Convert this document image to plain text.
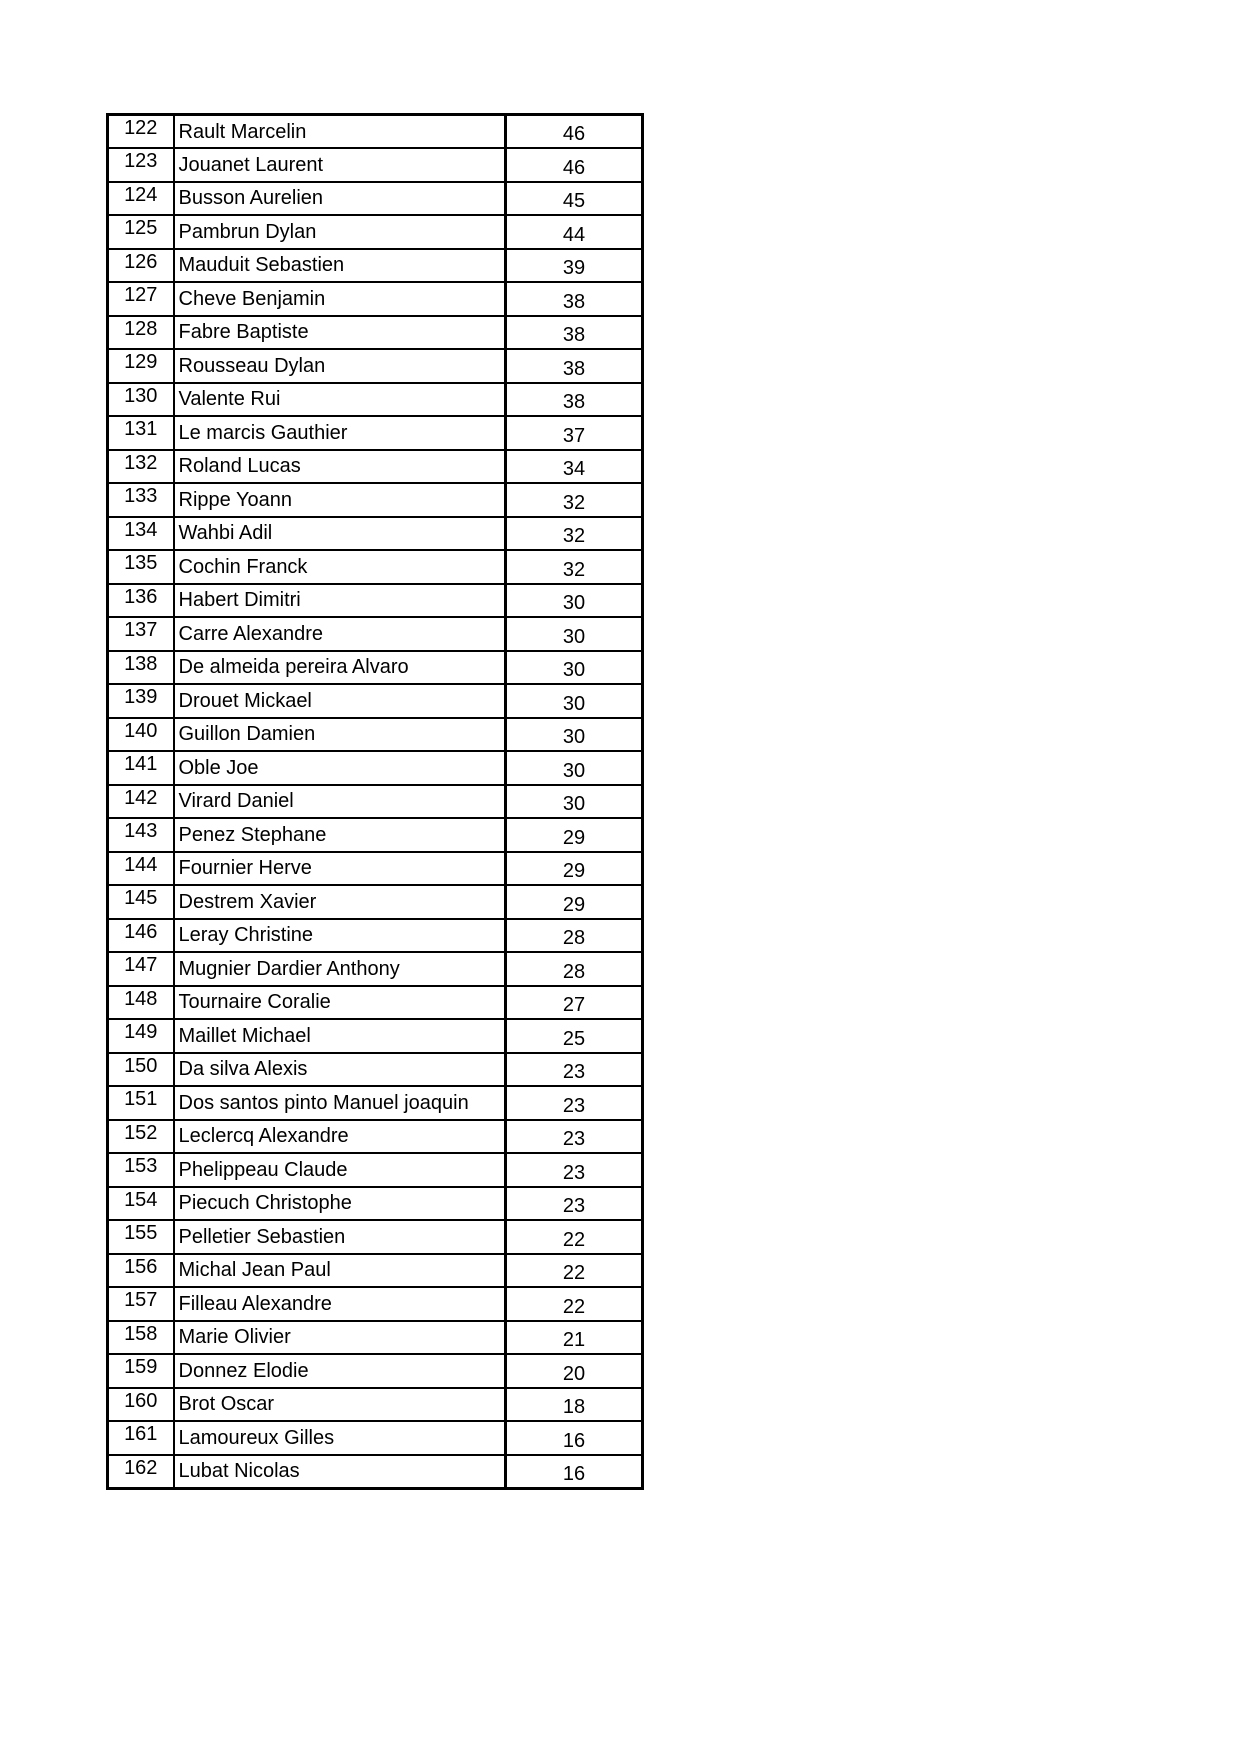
122	Rault Marcelin	46
123	Jouanet Laurent	46
124	Busson Aurelien	45
125	Pambrun Dylan	44
126	Mauduit Sebastien	39
127	Cheve Benjamin	38
128	Fabre Baptiste	38
129	Rousseau Dylan	38
130	Valente Rui	38
131	Le marcis Gauthier	37
132	Roland Lucas	34
133	Rippe Yoann	32
134	Wahbi Adil	32
135	Cochin Franck	32
136	Habert Dimitri	30
137	Carre Alexandre	30
138	De almeida pereira Alvaro	30
139	Drouet Mickael	30
140	Guillon Damien	30
141	Oble Joe	30
142	Virard Daniel	30
143	Penez Stephane	29
144	Fournier Herve	29
145	Destrem Xavier	29
146	Leray Christine	28
147	Mugnier Dardier Anthony	28
148	Tournaire Coralie	27
149	Maillet Michael	25
150	Da silva Alexis	23
151	Dos santos pinto Manuel joaquin	23
152	Leclercq Alexandre	23
153	Phelippeau Claude	23
154	Piecuch Christophe	23
155	Pelletier Sebastien	22
156	Michal Jean Paul	22
157	Filleau Alexandre	22
158	Marie Olivier	21
159	Donnez Elodie	20
160	Brot Oscar	18
161	Lamoureux Gilles	16
162	Lubat Nicolas	16
